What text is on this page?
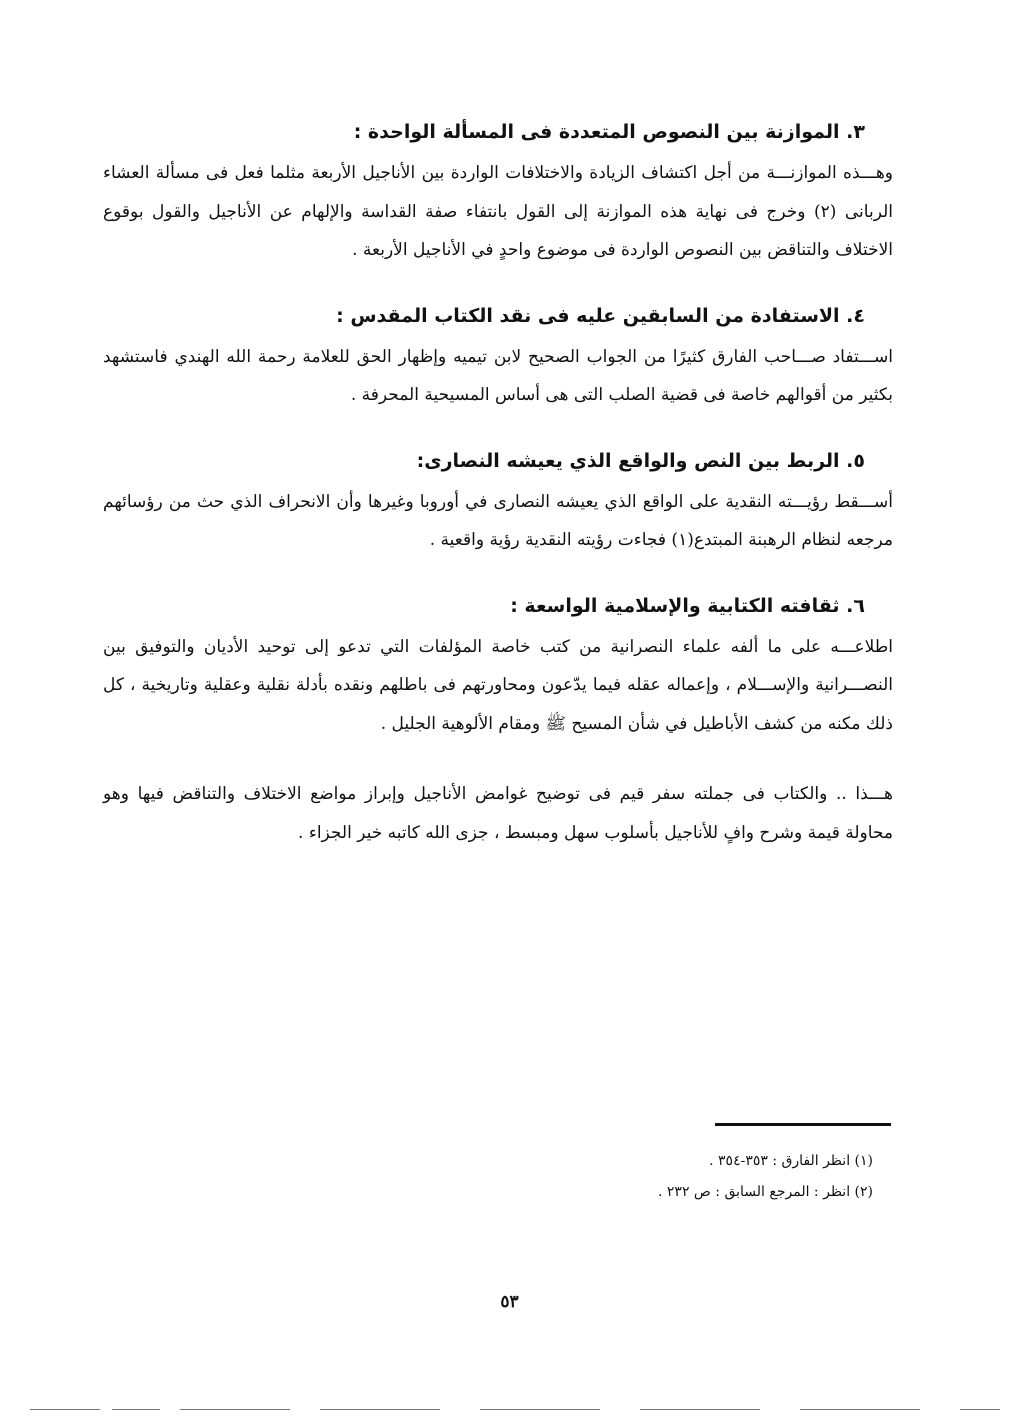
٣. الموازنة بين النصوص المتعددة فى المسألة الواحدة :

وهـــذه الموازنـــة من أجل اكتشاف الزيادة والاختلافات الواردة بين الأناجيل الأربعة مثلما فعل فى مسألة العشاء الربانى (٢) وخرج فى نهاية هذه الموازنة إلى القول بانتفاء صفة القداسة والإلهام عن الأناجيل والقول بوقوع الاختلاف والتناقض بين النصوص الواردة فى موضوع واحدٍ في الأناجيل الأربعة .

٤. الاستفادة من السابقين عليه فى نقد الكتاب المقدس :

اســـتفاد صـــاحب الفارق كثيرًا من الجواب الصحيح لابن تيميه وإظهار الحق للعلامة رحمة الله الهندي فاستشهد بكثير من أقوالهم خاصة فى قضية الصلب التى هى أساس المسيحية المحرفة .

٥. الربط بين النص والواقع الذي يعيشه النصارى:

أســـقط رؤيـــته النقدية على الواقع الذي يعيشه النصارى في أوروبا وغيرها وأن الانحراف الذي حث من رؤسائهم مرجعه لنظام الرهبنة المبتدع(١) فجاءت رؤيته النقدية رؤية واقعية .

٦. ثقافته الكتابية والإسلامية الواسعة :

اطلاعـــه على ما ألفه علماء النصرانية من كتب خاصة المؤلفات التي تدعو إلى توحيد الأديان والتوفيق بين النصـــرانية والإســـلام ، وإعماله عقله فيما يدّعون ومحاورتهم فى باطلهم ونقده بأدلة نقلية وعقلية وتاريخية ، كل ذلك مكنه من كشف الأباطيل في شأن المسيح ﷺ ومقام الألوهية الجليل .

هـــذا .. والكتاب فى جملته سفر قيم فى توضيح غوامض الأناجيل وإبراز مواضع الاختلاف والتناقض فيها وهو محاولة قيمة وشرح وافٍ للأناجيل بأسلوب سهل ومبسط ، جزى الله كاتبه خير الجزاء .

(١) انظر الفارق : ٣٥٣-٣٥٤ .

(٢) انظر : المرجع السابق : ص ٢٣٢ .

٥٣
